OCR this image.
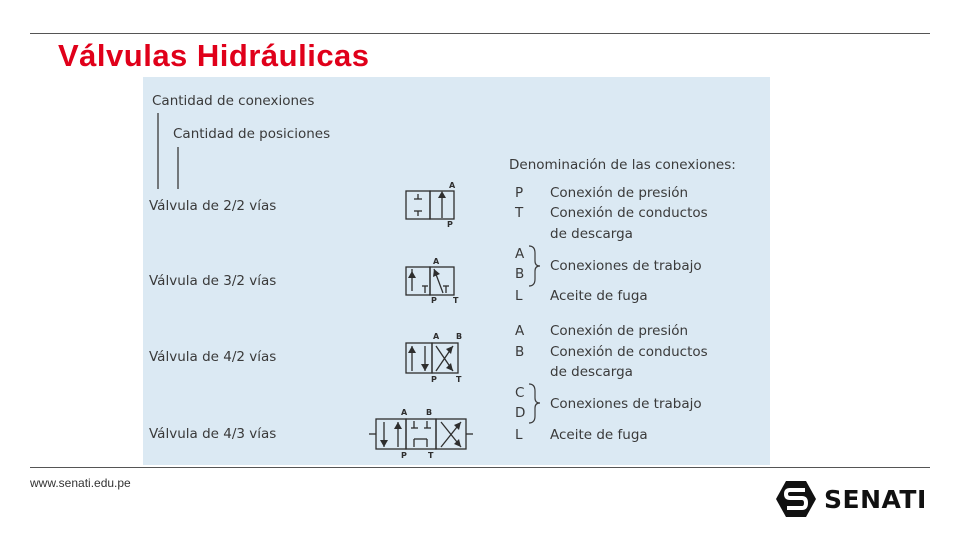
Válvulas Hidráulicas
Cantidad de conexiones
Cantidad de posiciones
Válvula de 2/2 vías
Válvula de 3/2 vías
Válvula de 4/2 vías
Válvula de 4/3 vías
A
P
A
P T
A B
P T
A B
P	T
Denominación de las conexiones:
P Conexión de presión
T Conexión de conductos
de descarga
A
B Conexiones de trabajo
L Aceite de fuga
A Conexión de presión
B Conexión de conductos
de descarga
C
D
Conexiones de trabajo
L Aceite de fuga
www.senati.edu.pe
SENATI
